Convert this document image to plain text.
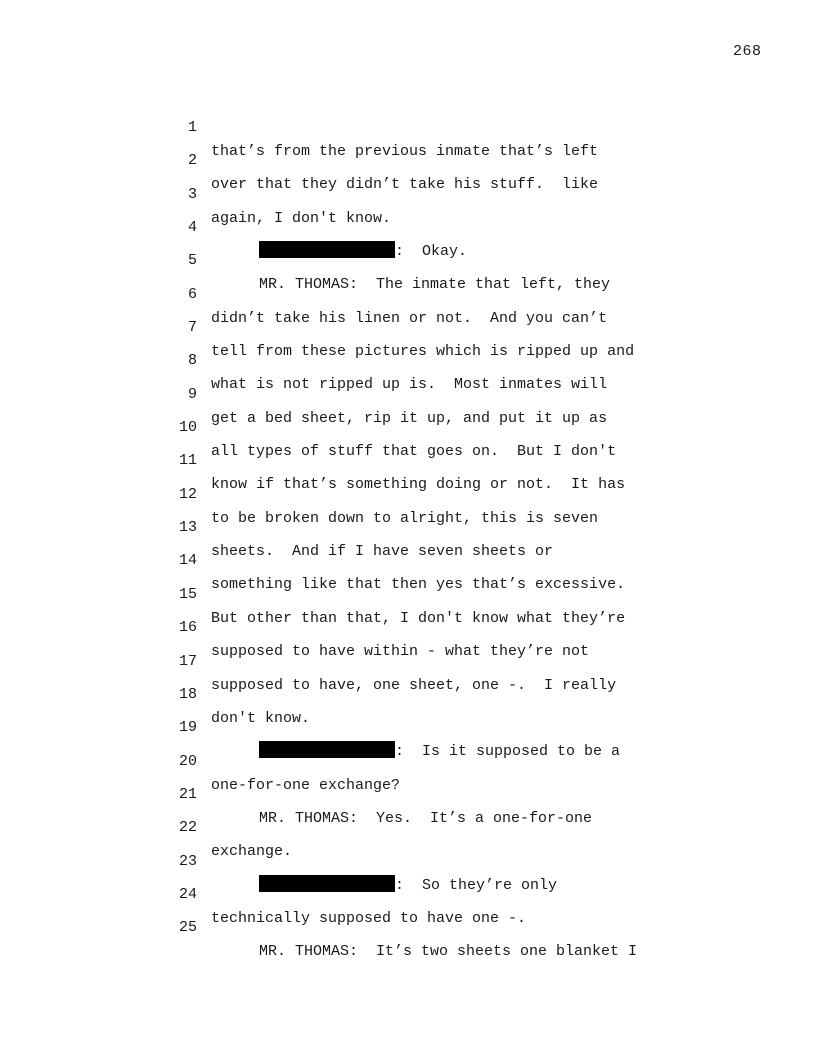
268

1

that’s from the previous inmate that’s left

2

over that they didn’t take his stuff.  like

3

again, I don't know.

4

:  Okay.

5

MR. THOMAS:  The inmate that left, they

6

didn’t take his linen or not.  And you can’t

7

tell from these pictures which is ripped up and

8

what is not ripped up is.  Most inmates will

9

get a bed sheet, rip it up, and put it up as

10

all types of stuff that goes on.  But I don't

11

know if that’s something doing or not.  It has

12

to be broken down to alright, this is seven

13

sheets.  And if I have seven sheets or

14

something like that then yes that’s excessive.

15

But other than that, I don't know what they’re

16

supposed to have within - what they’re not

17

supposed to have, one sheet, one -.  I really

18

don't know.

19

:  Is it supposed to be a

20

one-for-one exchange?

21

MR. THOMAS:  Yes.  It’s a one-for-one

22

exchange.

23

:  So they’re only

24

technically supposed to have one -.

25

MR. THOMAS:  It’s two sheets one blanket I
